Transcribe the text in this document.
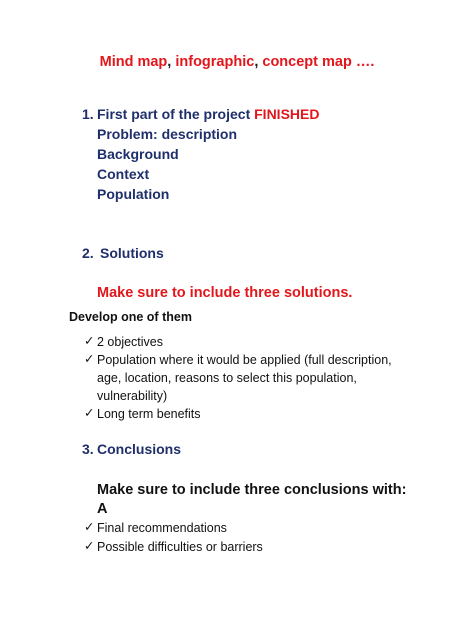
Mind map, infographic, concept map ….
1. First part of the project FINISHED
Problem: description
Background
Context
Population
2. Solutions
Make sure to include three solutions.
Develop one of them
✓ 2 objectives
✓ Population where it would be applied (full description, age, location, reasons to select this population, vulnerability)
✓ Long term benefits
3. Conclusions
Make sure to include three conclusions with:
A
✓ Final recommendations
✓ Possible difficulties or barriers
